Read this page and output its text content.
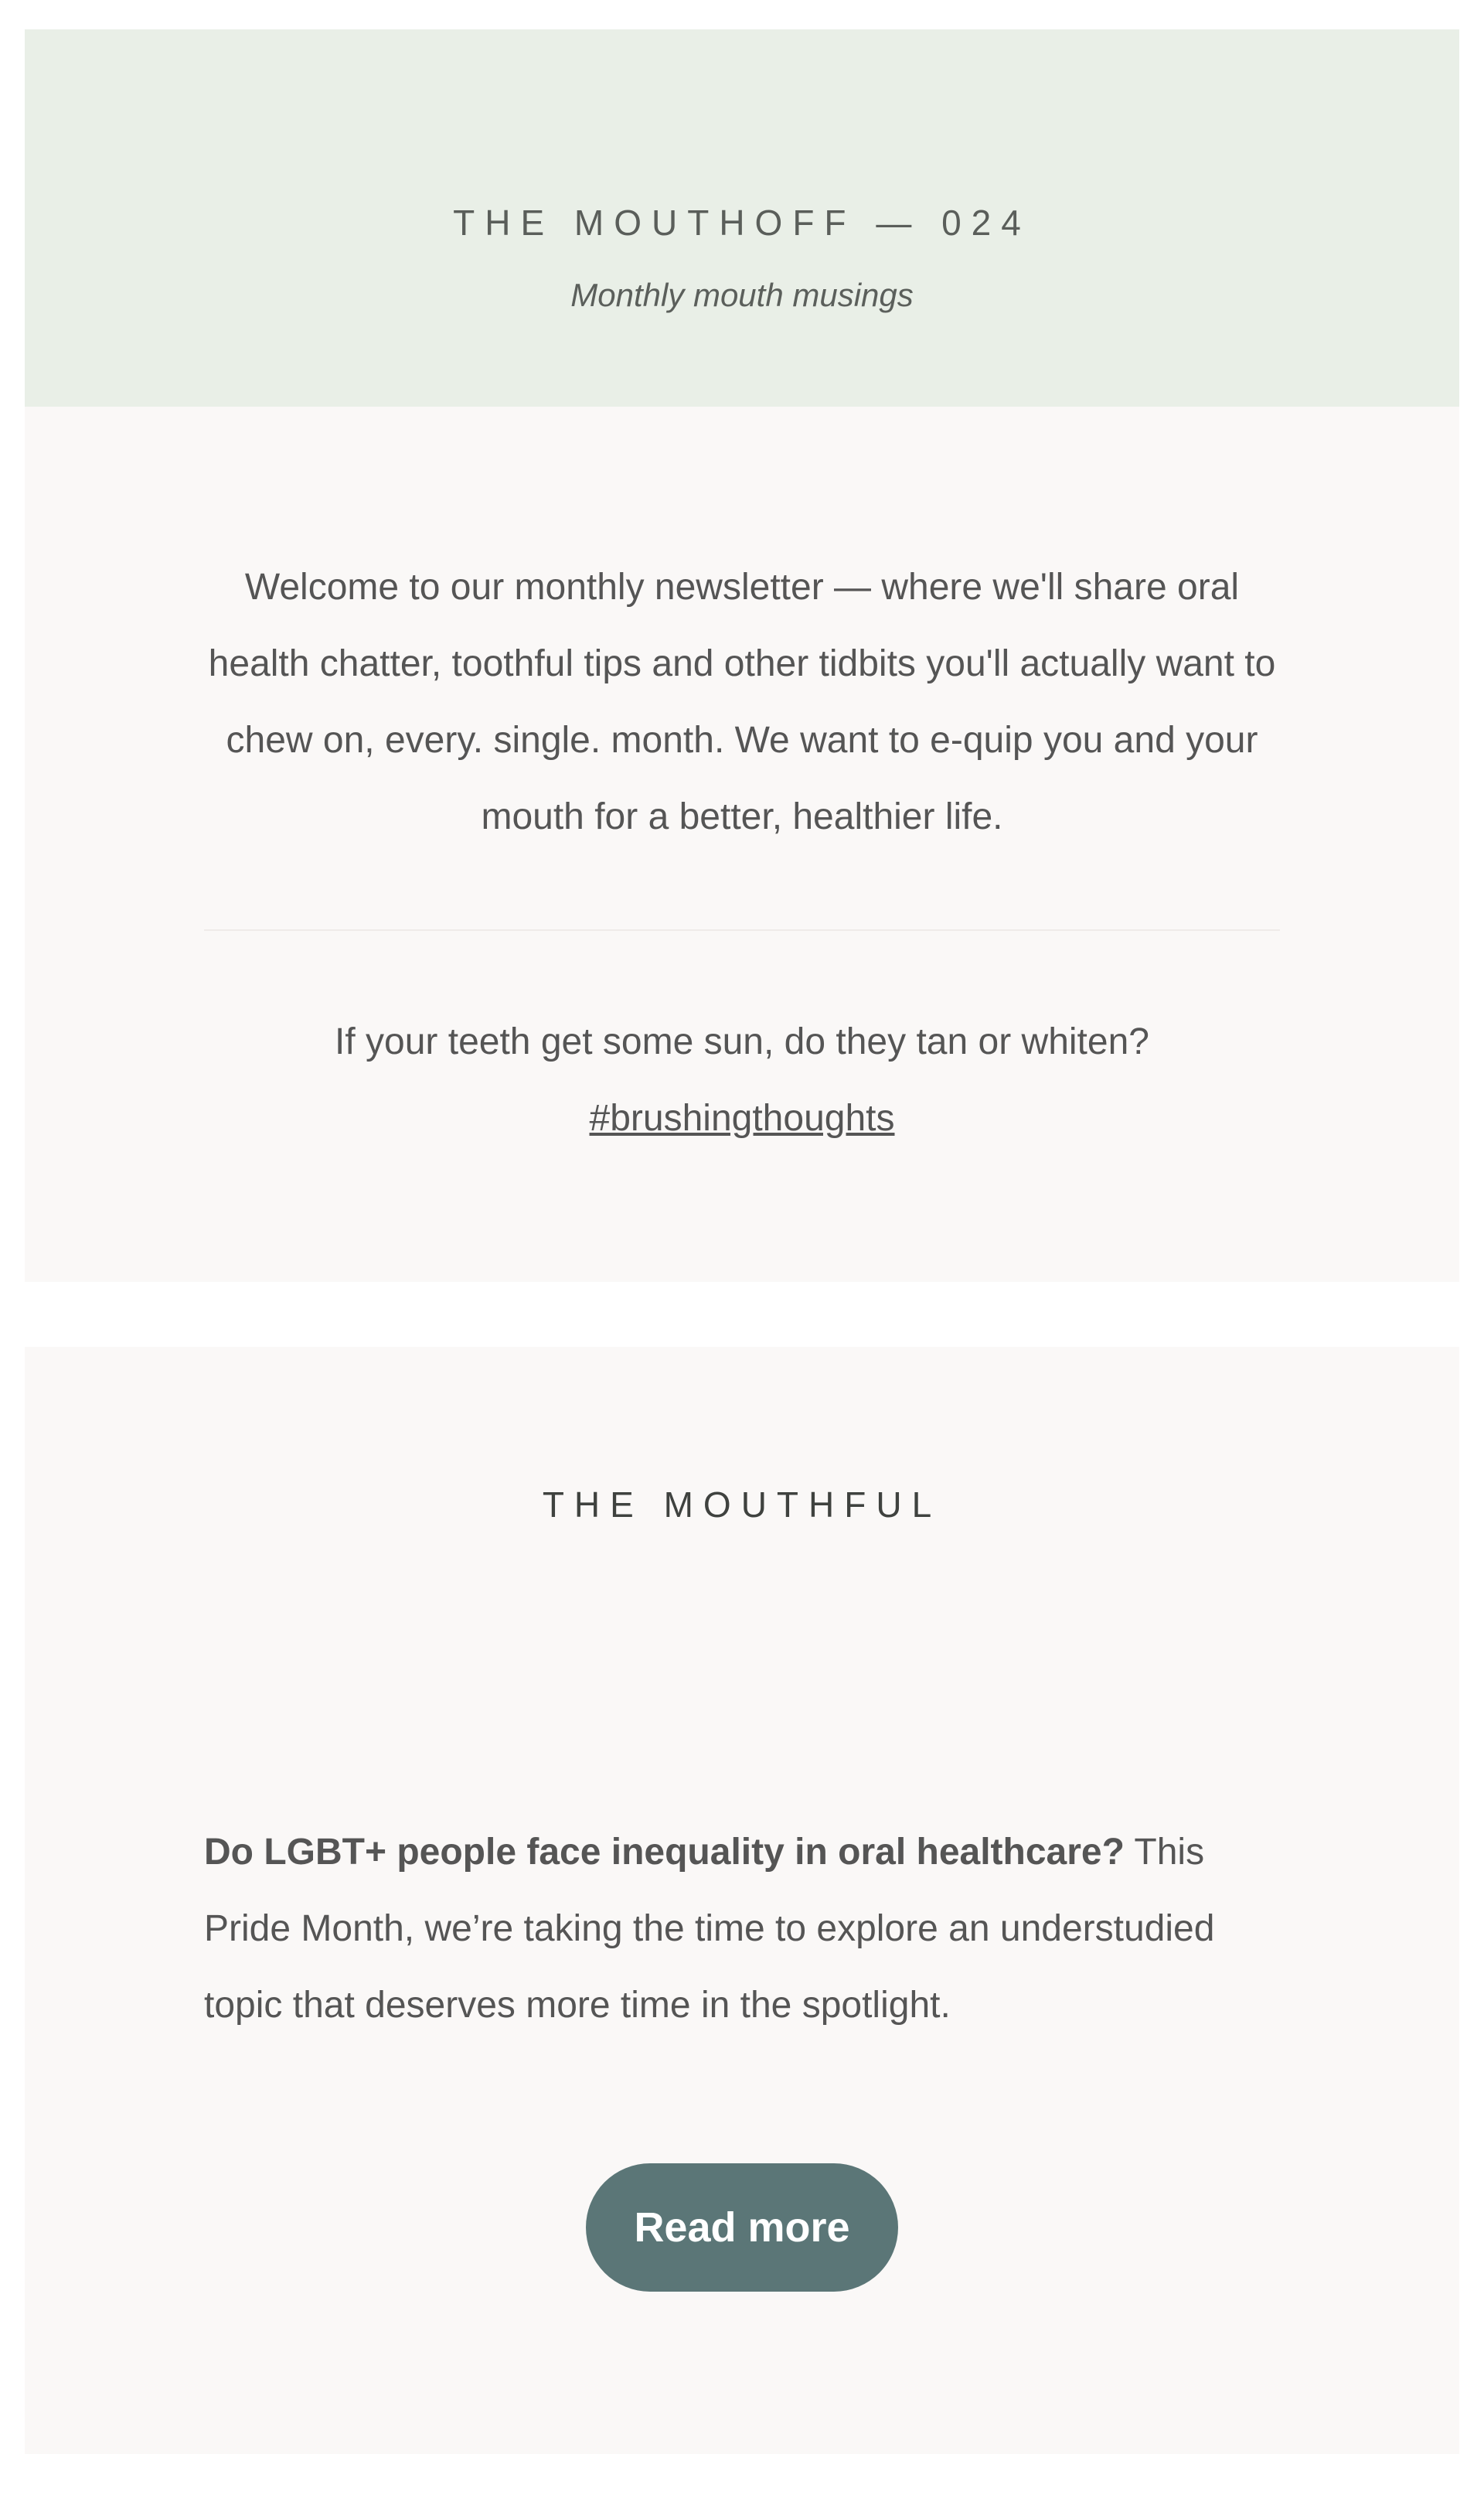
THE MOUTHOFF — 024
Monthly mouth musings
Welcome to our monthly newsletter — where we'll share oral health chatter, toothful tips and other tidbits you'll actually want to chew on, every. single. month. We want to e-quip you and your mouth for a better, healthier life.
If your teeth get some sun, do they tan or whiten?
#brushingthoughts
THE MOUTHFUL
Do LGBT+ people face inequality in oral healthcare? This Pride Month, we’re taking the time to explore an understudied topic that deserves more time in the spotlight.
Read more
